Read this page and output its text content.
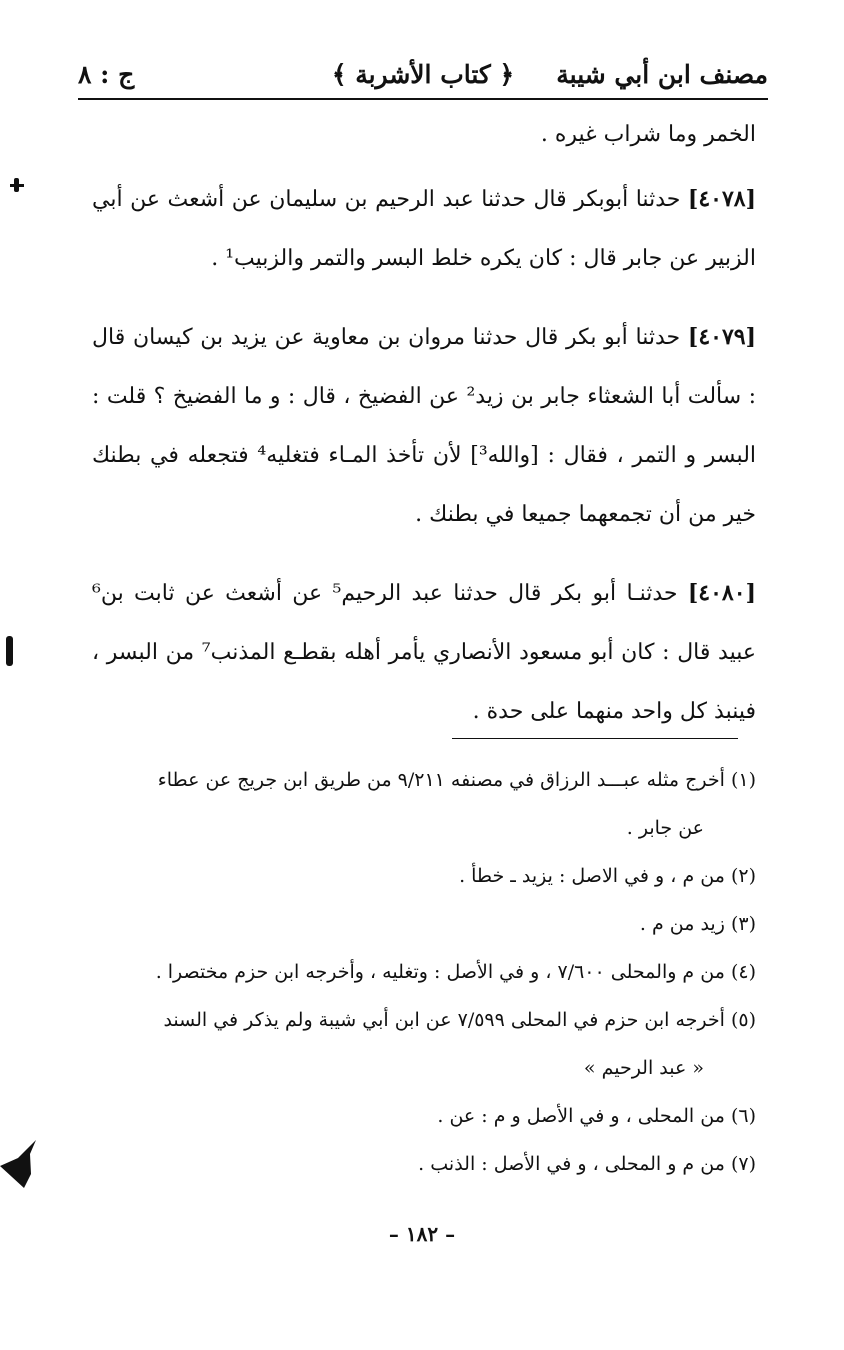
مصنف ابن أبي شيبة
﴿ كتاب الأشربة ﴾
ج : ٨

الخمر وما شراب غيره .

[٤٠٧٨] حدثنا أبوبكر قال حدثنا عبد الرحيم بن سليمان عن أشعث عن أبي الزبير عن جابر قال : كان يكره خلط البسر والتمر والزبيب¹ .

[٤٠٧٩] حدثنا أبو بكر قال حدثنا مروان بن معاوية عن يزيد بن كيسان قال : سألت أبا الشعثاء جابر بن زيد² عن الفضيخ ، قال : و ما الفضيخ ؟ قلت : البسر و التمر ، فقال : [والله³] لأن تأخذ المـاء فتغليه⁴ فتجعله في بطنك خير من أن تجمعهما جميعا في بطنك .

[٤٠٨٠] حدثنـا أبو بكر قال حدثنا عبد الرحيم⁵ عن أشعث عن ثابت بن⁶ عبيد قال : كان أبو مسعود الأنصاري يأمر أهله بقطـع المذنب⁷ من البسر ، فينبذ كل واحد منهما على حدة .

(١) أخرج مثله عبـــد الرزاق في مصنفه ٩/٢١١ من طريق ابن جريج عن عطاء

عن جابر .

(٢) من م ، و في الاصل : يزيد ـ خطأ .

(٣) زيد من م .

(٤) من م والمحلى ٧/٦٠٠ ، و في الأصل : وتغليه ، وأخرجه ابن حزم مختصرا .

(٥) أخرجه ابن حزم في المحلى ٧/٥٩٩ عن ابن أبي شيبة ولم يذكر في السند

« عبد الرحيم »

(٦) من المحلى ، و في الأصل و م : عن .

(٧) من م و المحلى ، و في الأصل : الذنب .

– ١٨٢ –
